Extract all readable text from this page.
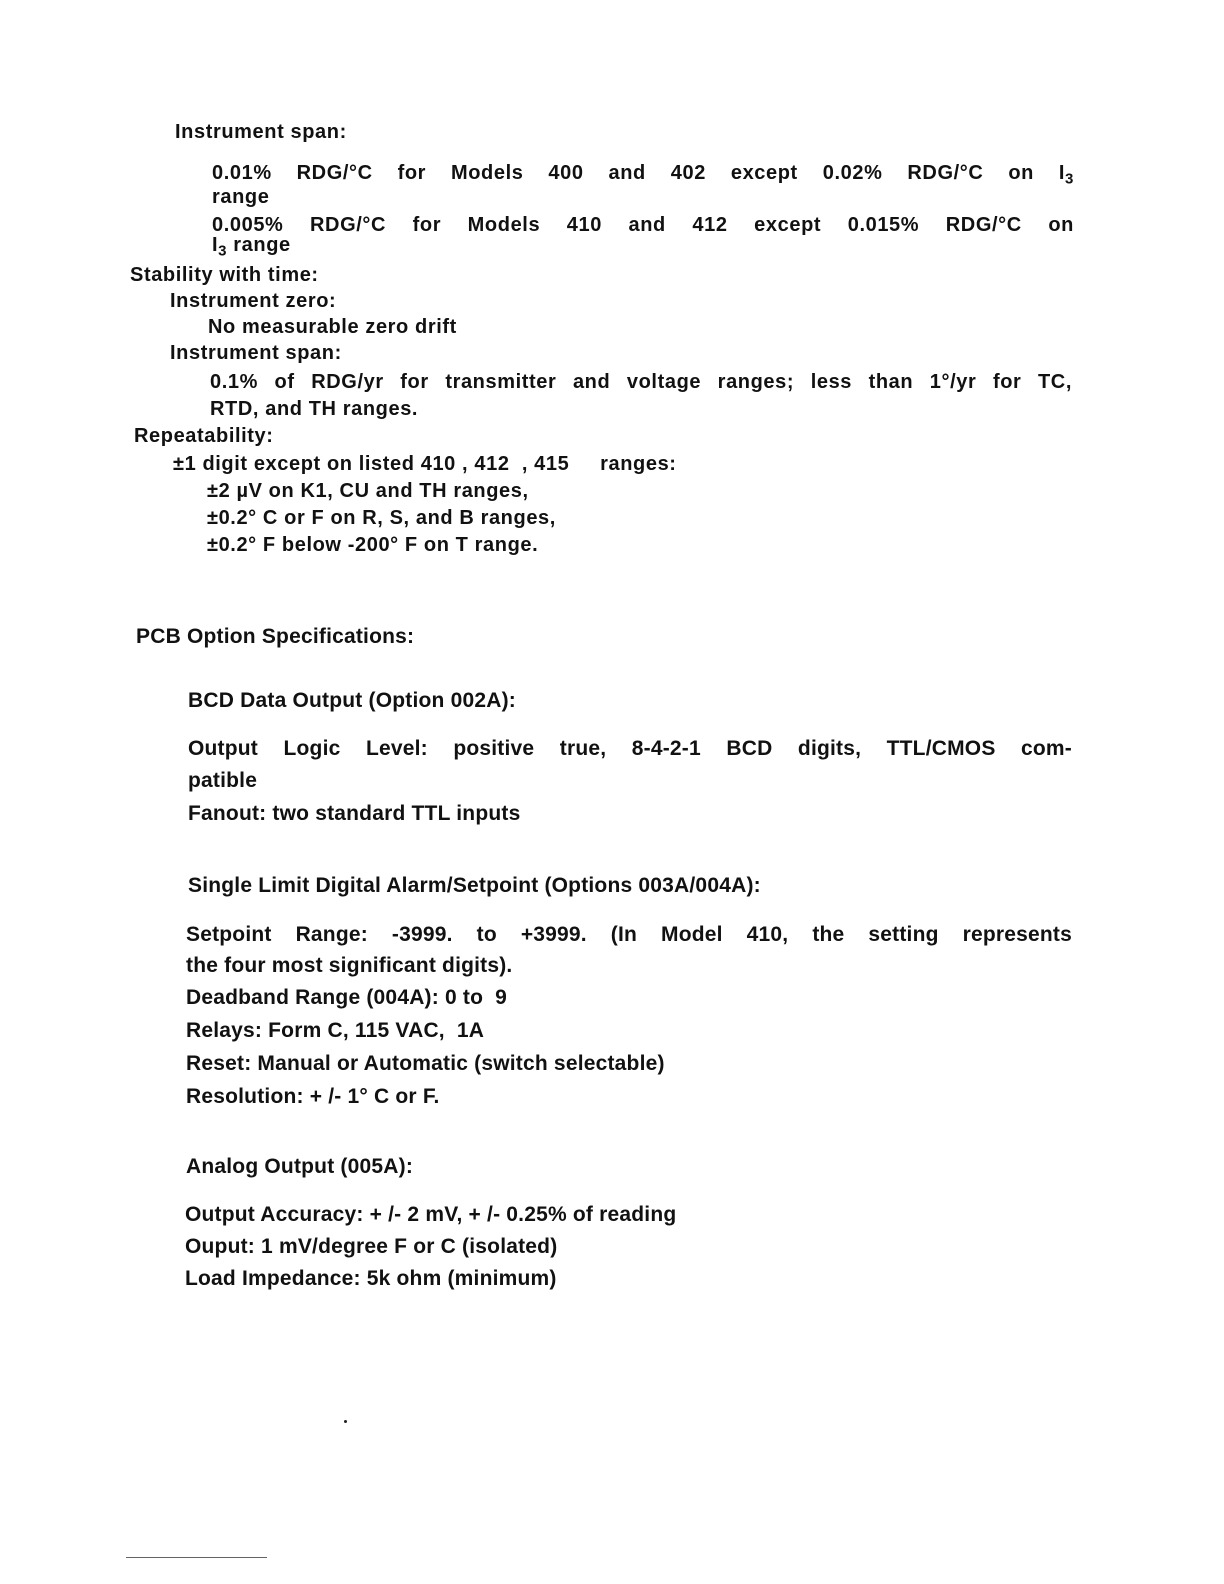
Instrument span:
0.01% RDG/°C for Models 400 and 402 except 0.02% RDG/°C on $I_3$
range
0.005% RDG/°C for Models 410 and 412 except 0.015% RDG/°C on
$I_3$ range
Stability with time:
Instrument zero:
No measurable zero drift
Instrument span:
0.1% of RDG/yr for transmitter and voltage ranges; less than 1°/yr for TC,
RTD, and TH ranges.
Repeatability:
±1 digit except on listed 410 , 412  , 415     ranges:
±2 µV on K1, CU and TH ranges,
±0.2° C or F on R, S, and B ranges,
±0.2° F below -200° F on T range.
PCB Option Specifications:
BCD Data Output (Option 002A):
Output Logic Level: positive true, 8-4-2-1 BCD digits, TTL/CMOS com-
patible
Fanout: two standard TTL inputs
Single Limit Digital Alarm/Setpoint (Options 003A/004A):
Setpoint Range: -3999. to +3999. (In Model 410, the setting represents
the four most significant digits).
Deadband Range (004A): 0 to  9
Relays: Form C, 115 VAC,  1A
Reset: Manual or Automatic (switch selectable)
Resolution: + /- 1° C or F.
Analog Output (005A):
Output Accuracy: + /- 2 mV, + /- 0.25% of reading
Ouput: 1 mV/degree F or C (isolated)
Load Impedance: 5k ohm (minimum)
